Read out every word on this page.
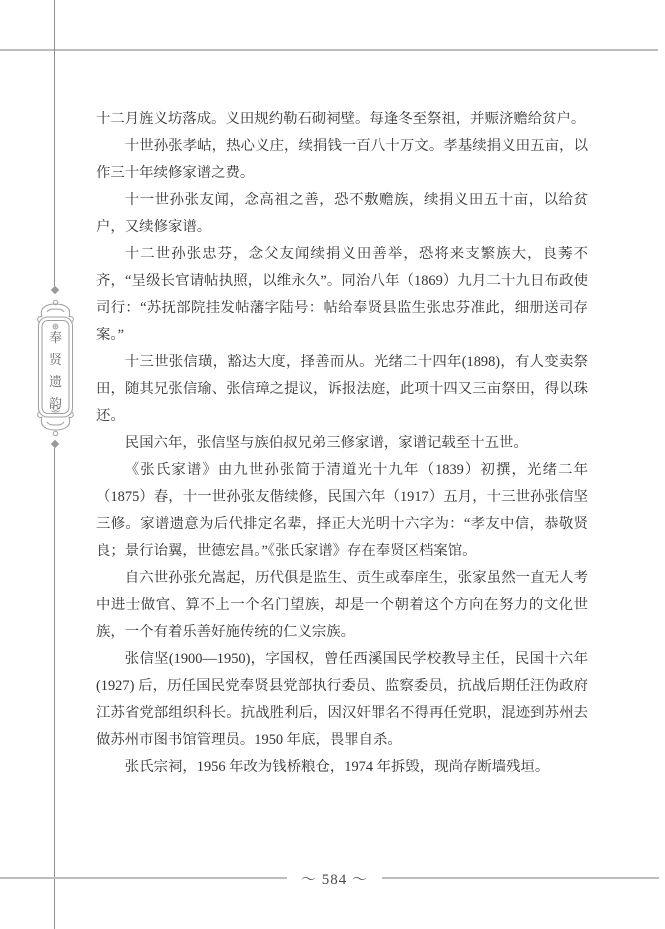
奉
贤
遗
韵

十二月旌义坊落成。义田规约勒石砌祠壁。每逢冬至祭祖，并赈济赡给贫户。

十世孙张孝岵，热心义庄，续捐钱一百八十万文。孝基续捐义田五亩，以作三十年续修家谱之费。

十一世孙张友闻，念高祖之善，恐不敷赡族，续捐义田五十亩，以给贫户，又续修家谱。

十二世孙张忠芬，念父友闻续捐义田善举，恐将来支繁族大，良莠不齐，“呈级长官请帖执照，以维永久”。同治八年（1869）九月二十九日布政使司行：“苏抚部院挂发帖藩字陆号：帖给奉贤县监生张忠芬准此，细册送司存案。”

十三世张信璜，豁达大度，择善而从。光绪二十四年(1898)，有人变卖祭田，随其兄张信瑜、张信璋之提议，诉报法庭，此项十四又三亩祭田，得以珠还。

民国六年，张信坚与族伯叔兄弟三修家谱，家谱记载至十五世。

《张氏家谱》由九世孙张简于清道光十九年（1839）初撰，光绪二年（1875）春，十一世孙张友偕续修，民国六年（1917）五月，十三世孙张信坚三修。家谱遗意为后代排定名辈，择正大光明十六字为：“孝友中信，恭敬贤良；景行诒翼，世德宏昌。”《张氏家谱》存在奉贤区档案馆。

自六世孙张允嵩起，历代俱是监生、贡生或奉庠生，张家虽然一直无人考中进士做官、算不上一个名门望族，却是一个朝着这个方向在努力的文化世族，一个有着乐善好施传统的仁义宗族。

张信坚(1900—1950)，字国权，曾任西溪国民学校教导主任，民国十六年(1927) 后，历任国民党奉贤县党部执行委员、监察委员，抗战后期任汪伪政府江苏省党部组织科长。抗战胜利后，因汉奸罪名不得再任党职，混迹到苏州去做苏州市图书馆管理员。1950 年底，畏罪自杀。

张氏宗祠，1956 年改为钱桥粮仓，1974 年拆毁，现尚存断墙残垣。

～ 584 ～
